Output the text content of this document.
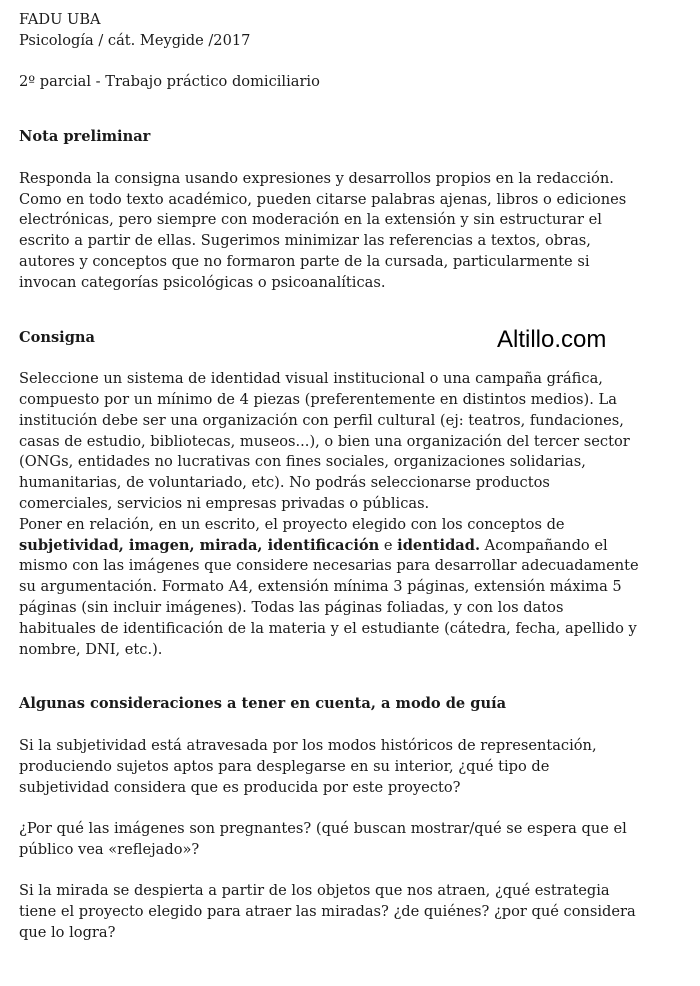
FADU UBA

Psicología / cát. Meygide /2017

2º parcial - Trabajo práctico domiciliario

Nota preliminar

Responda la consigna usando expresiones y desarrollos propios en la redacción.

Como en todo texto académico, pueden citarse palabras ajenas, libros o ediciones

electrónicas, pero siempre con moderación en la extensión y sin estructurar el

escrito a partir de ellas. Sugerimos minimizar las referencias a textos, obras,

autores y conceptos que no formaron parte de la cursada, particularmente si

invocan categorías psicológicas o psicoanalíticas.

Consigna

Seleccione un sistema de identidad visual institucional o una campaña gráfica,

compuesto por un mínimo de 4 piezas (preferentemente en distintos medios). La

institución debe ser una organización con perfil cultural (ej: teatros, fundaciones,

casas de estudio, bibliotecas, museos...), o bien una organización del tercer sector

(ONGs, entidades no lucrativas con fines sociales, organizaciones solidarias,

humanitarias, de voluntariado, etc). No podrás seleccionarse productos

comerciales, servicios ni empresas privadas o públicas.

Poner en relación, en un escrito, el proyecto elegido con los conceptos de

subjetividad, imagen, mirada, identificación e identidad. Acompañando el

mismo con las imágenes que considere necesarias para desarrollar adecuadamente

su argumentación. Formato A4, extensión mínima 3 páginas, extensión máxima 5

páginas (sin incluir imágenes). Todas las páginas foliadas, y con los datos

habituales de identificación de la materia y el estudiante (cátedra, fecha, apellido y

nombre, DNI, etc.).

Algunas consideraciones a tener en cuenta, a modo de guía

Si la subjetividad está atravesada por los modos históricos de representación,

produciendo sujetos aptos para desplegarse en su interior, ¿qué tipo de

subjetividad considera que es producida por este proyecto?

¿Por qué las imágenes son pregnantes? (qué buscan mostrar/qué se espera que el

público vea «reflejado»?

Si la mirada se despierta a partir de los objetos que nos atraen, ¿qué estrategia

tiene el proyecto elegido para atraer las miradas? ¿de quiénes? ¿por qué considera

que lo logra?

Altillo.com
